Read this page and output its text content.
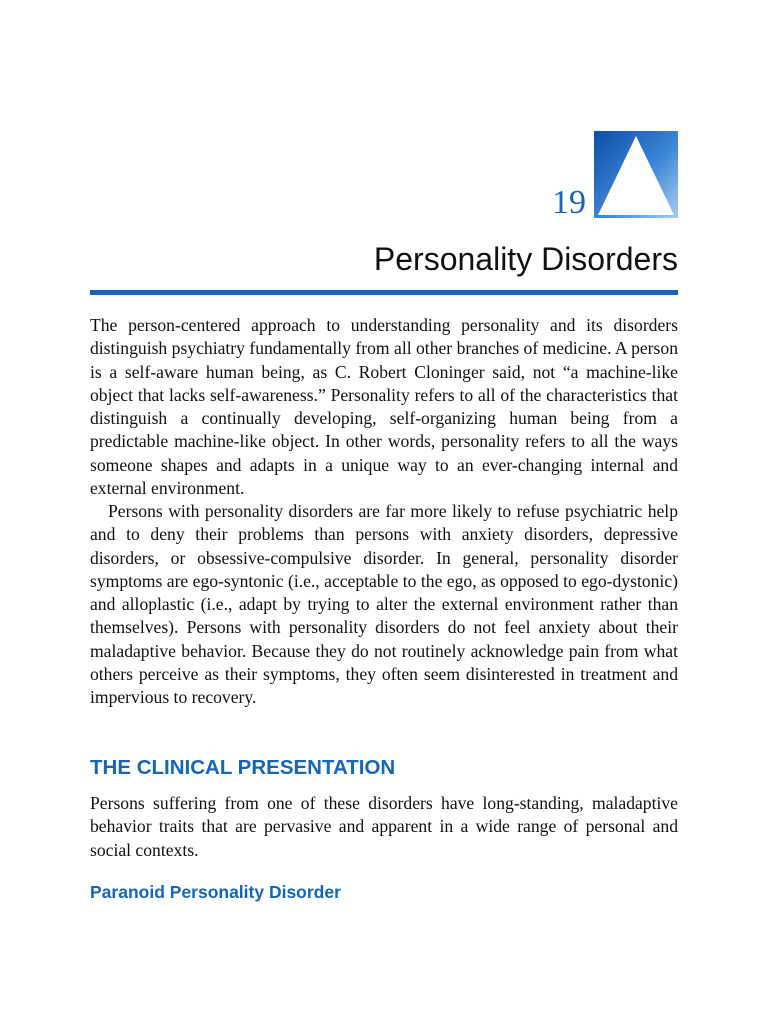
19
Personality Disorders

The person-centered approach to understanding personality and its disorders distinguish psychiatry fundamentally from all other branches of medicine. A person is a self-aware human being, as C. Robert Cloninger said, not “a machine-like object that lacks self-awareness.” Personality refers to all of the characteristics that distinguish a continually developing, self-organizing human being from a predictable machine-like object. In other words, personality refers to all the ways someone shapes and adapts in a unique way to an ever-changing internal and external environment.

Persons with personality disorders are far more likely to refuse psychiatric help and to deny their problems than persons with anxiety disorders, depressive disorders, or obsessive-compulsive disorder. In general, personality disorder symptoms are ego-syntonic (i.e., acceptable to the ego, as opposed to ego-dystonic) and alloplastic (i.e., adapt by trying to alter the external environment rather than themselves). Persons with personality disorders do not feel anxiety about their maladaptive behavior. Because they do not routinely acknowledge pain from what others perceive as their symptoms, they often seem disinterested in treatment and impervious to recovery.

THE CLINICAL PRESENTATION

Persons suffering from one of these disorders have long-standing, maladaptive behavior traits that are pervasive and apparent in a wide range of personal and social contexts.

Paranoid Personality Disorder
